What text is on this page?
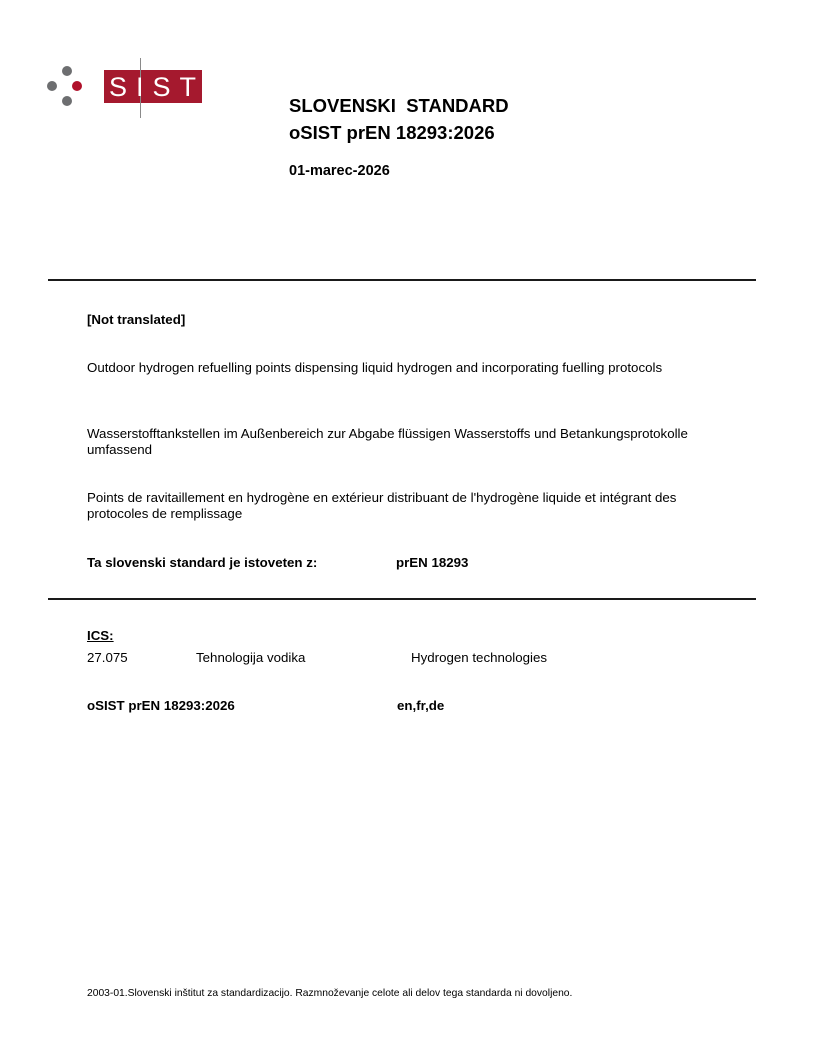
SIST
SLOVENSKI  STANDARD
oSIST prEN 18293:2026
01-marec-2026
[Not translated]
Outdoor hydrogen refuelling points dispensing liquid hydrogen and incorporating fuelling protocols
Wasserstofftankstellen im Außenbereich zur Abgabe flüssigen Wasserstoffs und Betankungsprotokolle umfassend
Points de ravitaillement en hydrogène en extérieur distribuant de l'hydrogène liquide et intégrant des protocoles de remplissage
Ta slovenski standard je istoveten z:	prEN 18293
ICS:
27.075	Tehnologija vodika	Hydrogen technologies
oSIST prEN 18293:2026	en,fr,de
2003-01.Slovenski inštitut za standardizacijo. Razmnoževanje celote ali delov tega standarda ni dovoljeno.
